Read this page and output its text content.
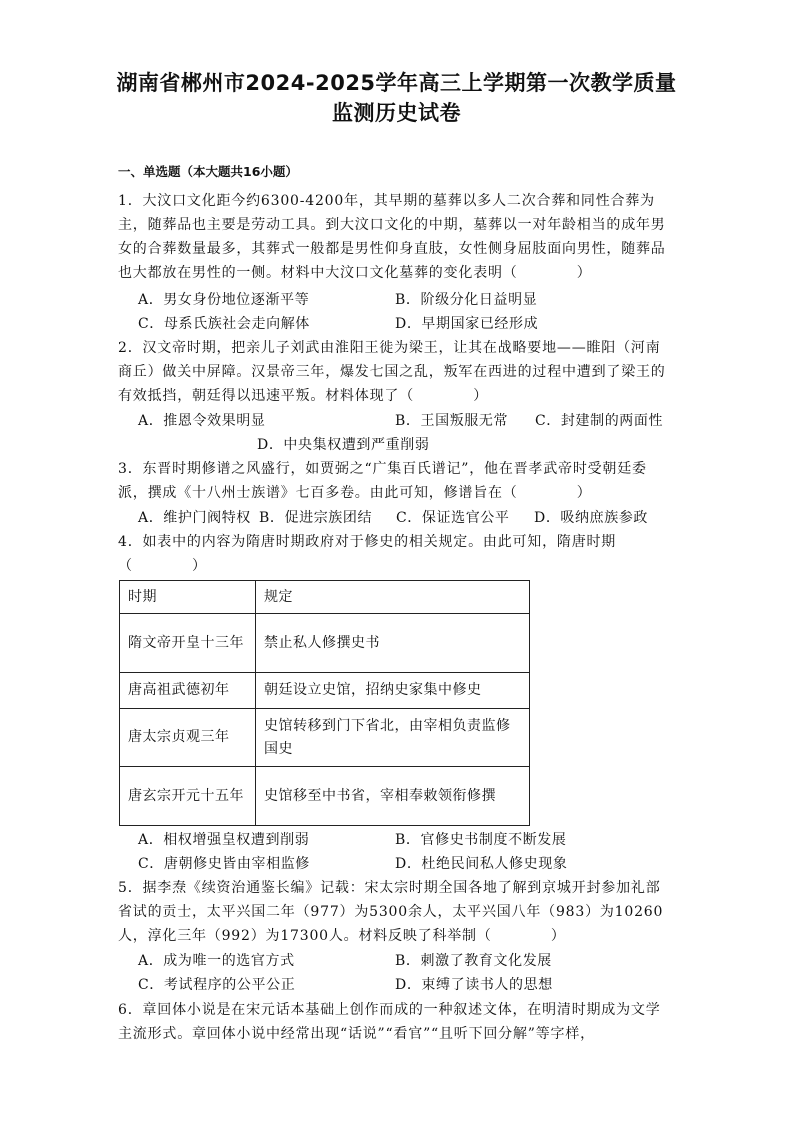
湖南省郴州市2024-2025学年高三上学期第一次教学质量
监测历史试卷
一、单选题（本大题共16小题）
1．大汶口文化距今约6300-4200年，其早期的墓葬以多人二次合葬和同性合葬为主，随葬品也主要是劳动工具。到大汶口文化的中期，墓葬以一对年龄相当的成年男女的合葬数量最多，其葬式一般都是男性仰身直肢，女性侧身屈肢面向男性，随葬品也大都放在男性的一侧。材料中大汶口文化墓葬的变化表明（　　　　）
A．男女身份地位逐渐平等	B．阶级分化日益明显
C．母系氏族社会走向解体	D．早期国家已经形成
2．汉文帝时期，把亲儿子刘武由淮阳王徙为梁王，让其在战略要地——睢阳（河南商丘）做关中屏障。汉景帝三年，爆发七国之乱，叛军在西进的过程中遭到了梁王的有效抵挡，朝廷得以迅速平叛。材料体现了（　　　　）
A．推恩令效果明显	B．王国叛服无常 C．封建制的两面性
D．中央集权遭到严重削弱
3．东晋时期修谱之风盛行，如贾弼之“广集百氏谱记”，他在晋孝武帝时受朝廷委派，撰成《十八州士族谱》七百多卷。由此可知，修谱旨在（　　　　）
A．维护门阀特权 B．促进宗族团结 C．保证选官公平 D．吸纳庶族参政
4．如表中的内容为隋唐时期政府对于修史的相关规定。由此可知，隋唐时期
（　　　　）
时期	规定
隋文帝开皇十三年	禁止私人修撰史书
唐高祖武德初年	朝廷设立史馆，招纳史家集中修史
唐太宗贞观三年	史馆转移到门下省北，由宰相负责监修国史
唐玄宗开元十五年	史馆移至中书省，宰相奉敕领衔修撰
A．相权增强皇权遭到削弱	B．官修史书制度不断发展
C．唐朝修史皆由宰相监修	D．杜绝民间私人修史现象
5．据李焘《续资治通鉴长编》记载：宋太宗时期全国各地了解到京城开封参加礼部省试的贡士，太平兴国二年（977）为5300余人，太平兴国八年（983）为10260人，淳化三年（992）为17300人。材料反映了科举制（　　　　）
A．成为唯一的选官方式	B．刺激了教育文化发展
C．考试程序的公平公正	D．束缚了读书人的思想
6．章回体小说是在宋元话本基础上创作而成的一种叙述文体，在明清时期成为文学主流形式。章回体小说中经常出现“话说”“看官”“且听下回分解”等字样，
